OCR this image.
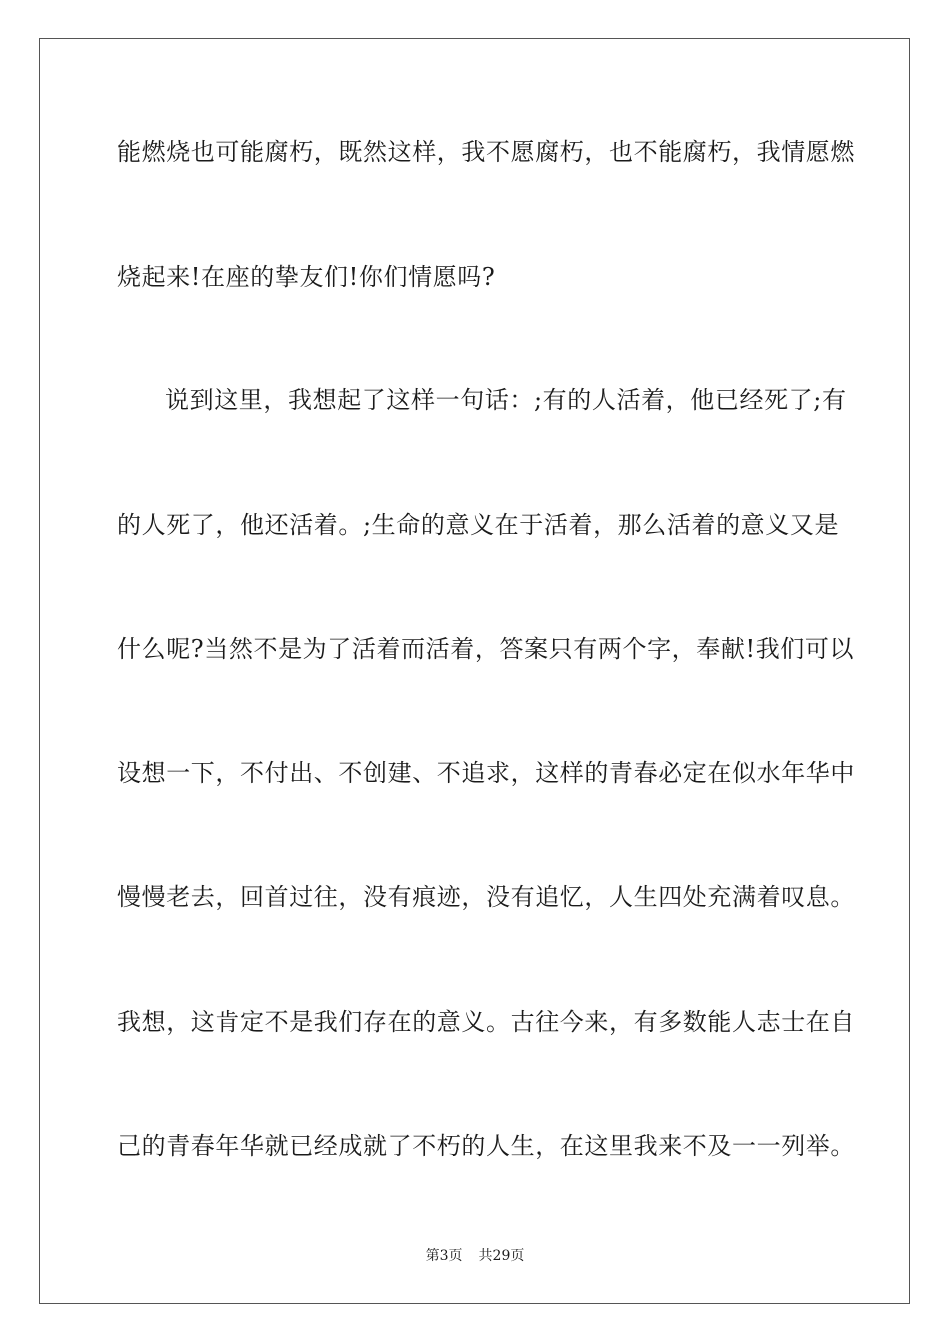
能燃烧也可能腐朽，既然这样，我不愿腐朽，也不能腐朽，我情愿燃
烧起来!在座的挚友们!你们情愿吗?
说到这里，我想起了这样一句话：;有的人活着，他已经死了;有
的人死了，他还活着。;生命的意义在于活着，那么活着的意义又是
什么呢?当然不是为了活着而活着，答案只有两个字，奉献!我们可以
设想一下，不付出、不创建、不追求，这样的青春必定在似水年华中
慢慢老去，回首过往，没有痕迹，没有追忆，人生四处充满着叹息。
我想，这肯定不是我们存在的意义。古往今来，有多数能人志士在自
己的青春年华就已经成就了不朽的人生，在这里我来不及一一列举。
第3页 共29页
